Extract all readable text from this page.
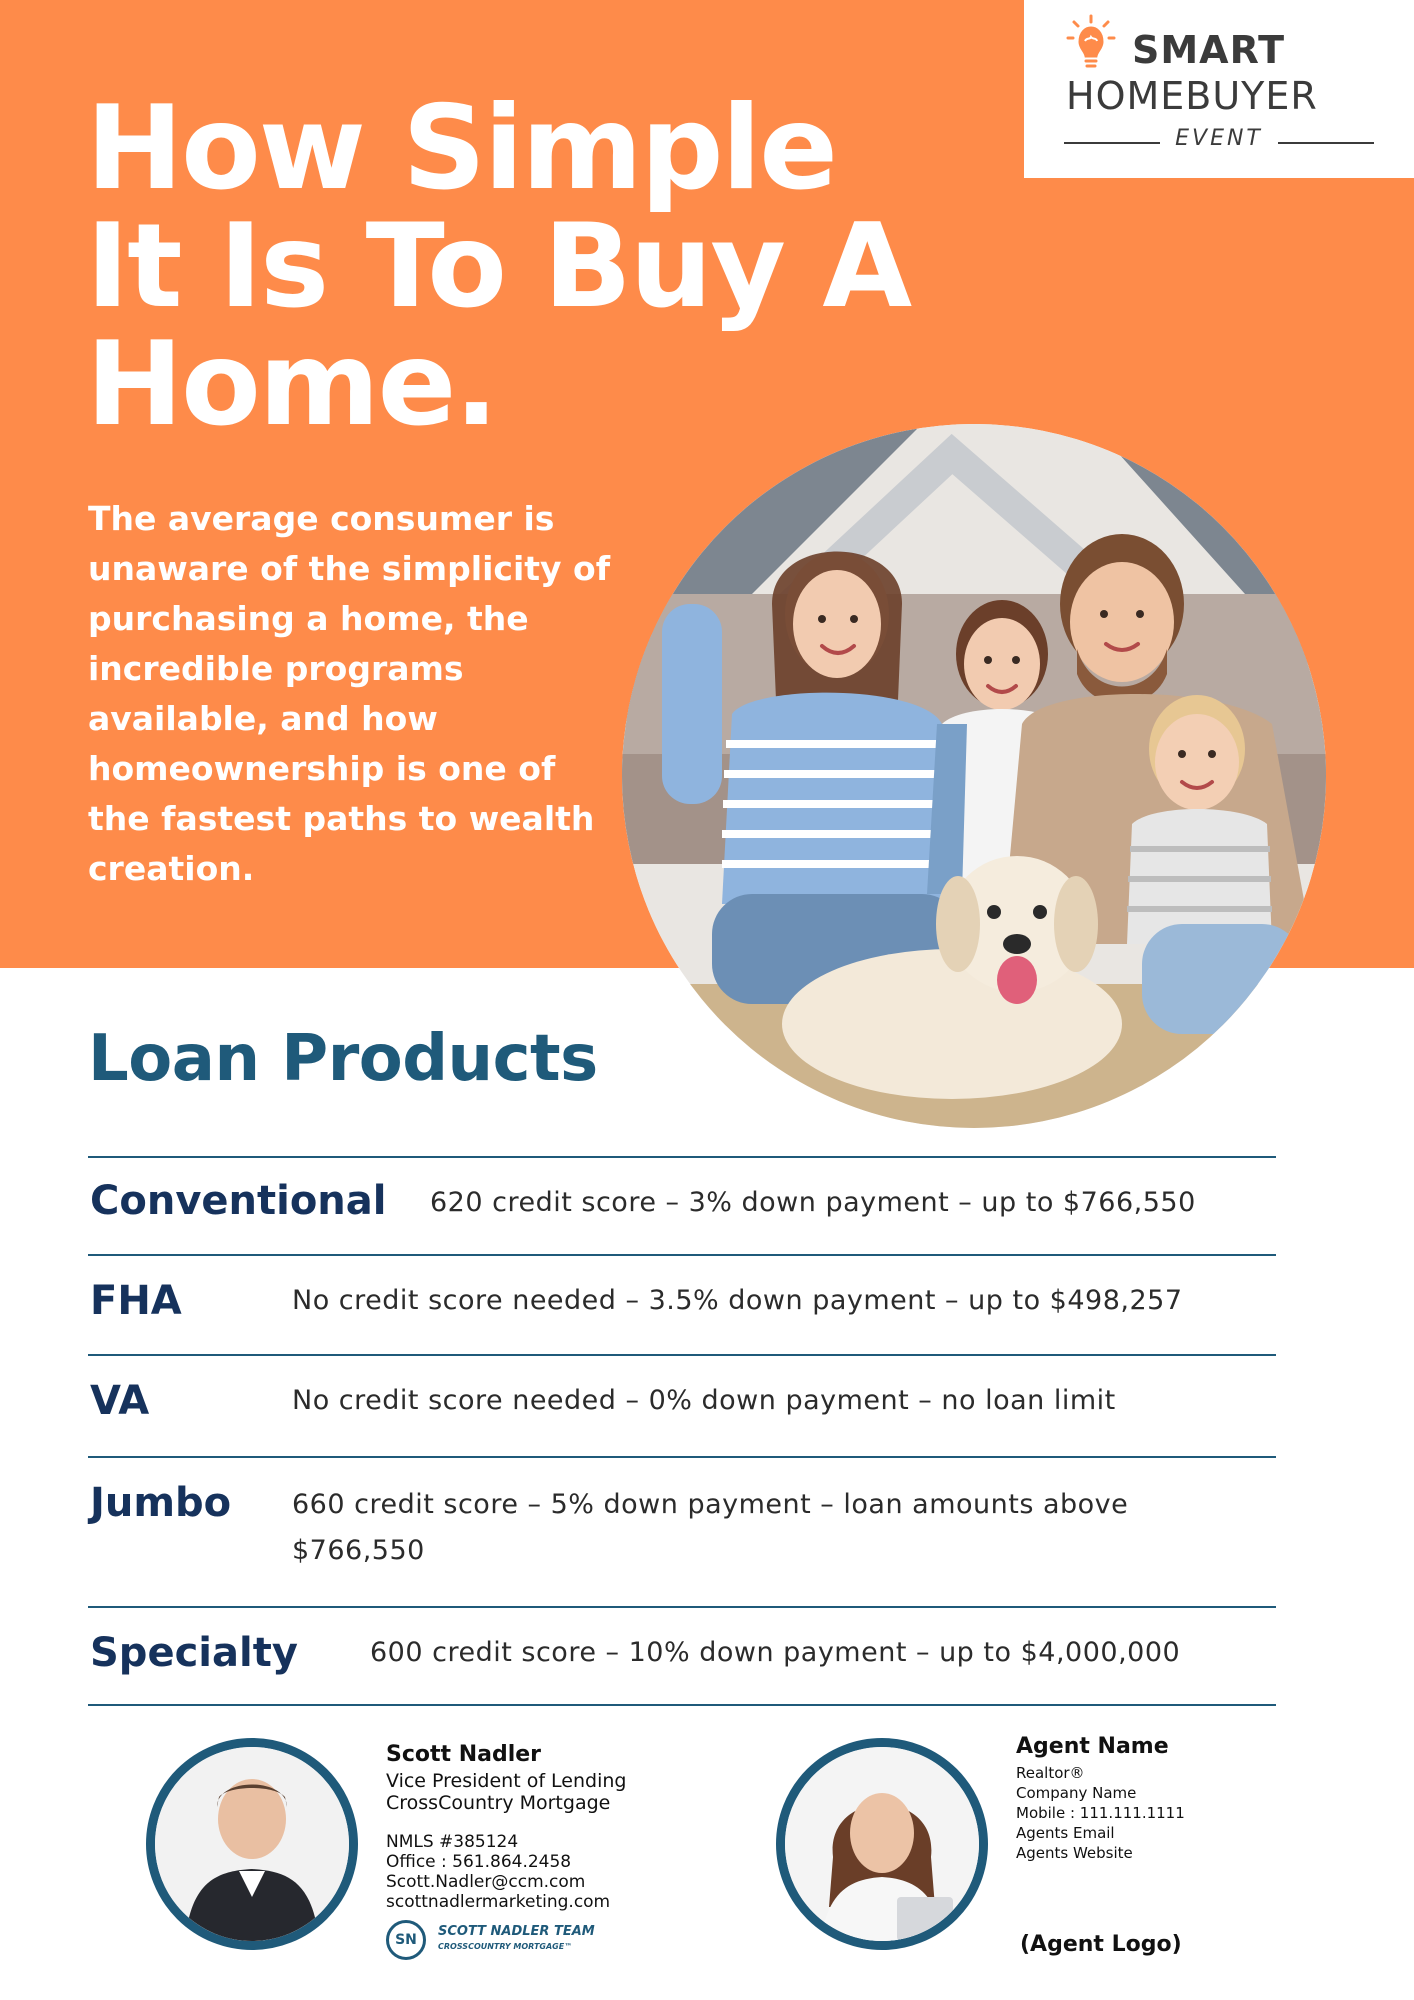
SMART
HOMEBUYER
EVENT
How Simple
It Is To Buy A
Home.
The average consumer is unaware of the simplicity of purchasing a home, the incredible programs available, and how homeownership is one of the fastest paths to wealth creation.
Loan Products
Conventional 620 credit score – 3% down payment – up to $766,550
FHA	No credit score needed – 3.5% down payment – up to $498,257
VA	No credit score needed – 0% down payment – no loan limit
Jumbo 660 credit score – 5% down payment – loan amounts above $766,550
Specialty	600 credit score – 10% down payment – up to $4,000,000
Scott Nadler
Vice President of Lending
CrossCountry Mortgage
NMLS #385124
Office : 561.864.2458
Scott.Nadler@ccm.com
scottnadlermarketing.com
SN
SCOTT NADLER TEAM
CROSSCOUNTRY MORTGAGE™
Agent Name
Realtor®
Company Name
Mobile : 111.111.1111
Agents Email
Agents Website
(Agent Logo)
